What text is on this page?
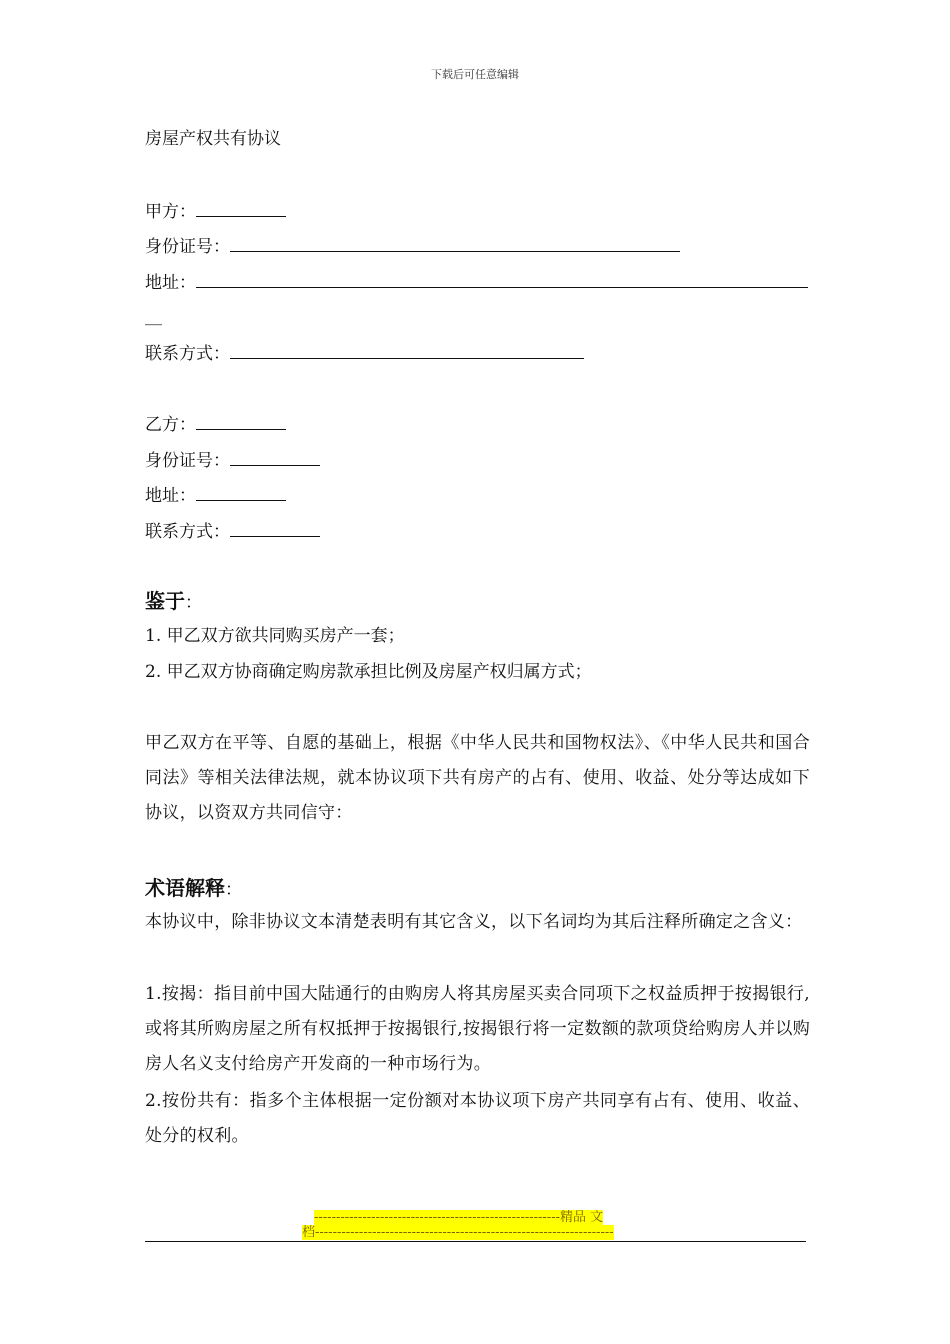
下载后可任意编辑
房屋产权共有协议
甲方：
身份证号：
地址：
__
联系方式：
乙方：
身份证号：
地址：
联系方式：
鉴于：
1. 甲乙双方欲共同购买房产一套；
2. 甲乙双方协商确定购房款承担比例及房屋产权归属方式；
甲乙双方在平等、自愿的基础上，根据《中华人民共和国物权法》、《中华人民共和国合同法》等相关法律法规，就本协议项下共有房产的占有、使用、收益、处分等达成如下协议，以资双方共同信守：
术语解释：
本协议中，除非协议文本清楚表明有其它含义，以下名词均为其后注释所确定之含义：
1.按揭：指目前中国大陆通行的由购房人将其房屋买卖合同项下之权益质押于按揭银行,或将其所购房屋之所有权抵押于按揭银行,按揭银行将一定数额的款项贷给购房人并以购房人名义支付给房产开发商的一种市场行为。
2.按份共有：指多个主体根据一定份额对本协议项下房产共同享有占有、使用、收益、处分的权利。
--------------------------------------------------------精品 文
档--------------------------------------------------------------------
